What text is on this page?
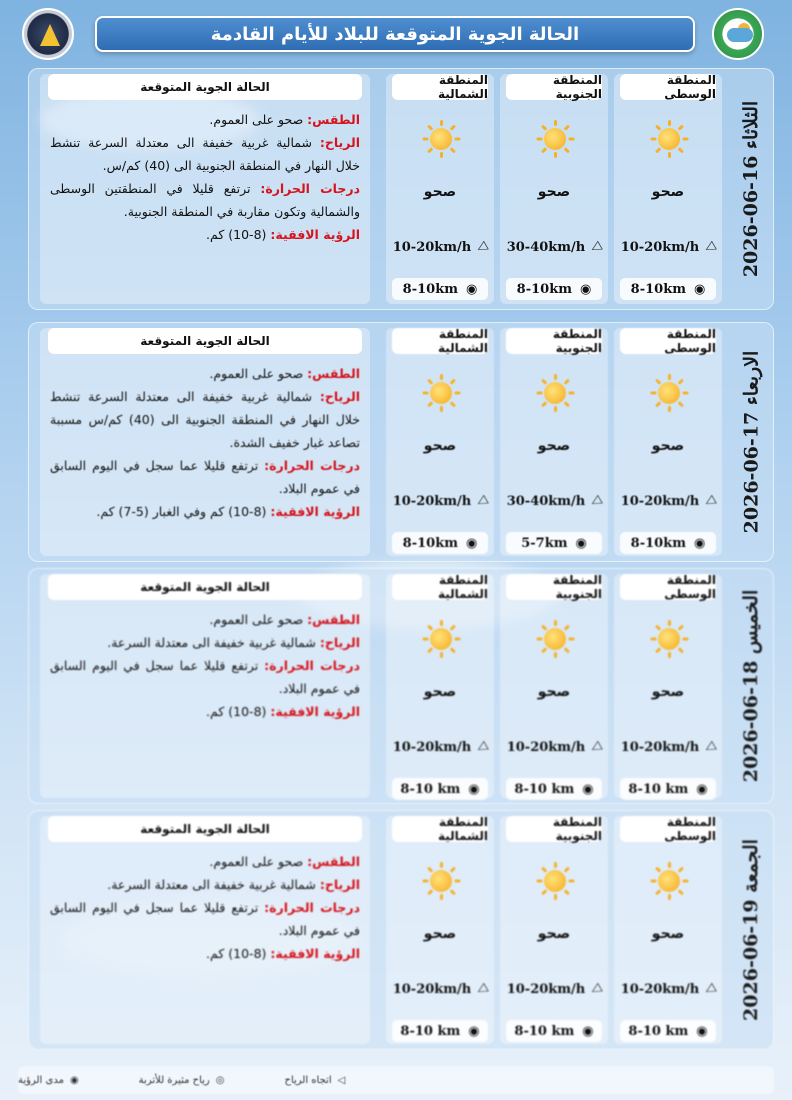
الحالة الجوية المتوقعة للبلاد للأيام القادمة
الثلاثاء 16-06-2026
المنطقة الوسطى
صحو
10-20km/h ◁
8-10km ◉
المنطقة الجنوبية
صحو
30-40km/h ◁
8-10km ◉
المنطقة الشمالية
صحو
10-20km/h ◁
8-10km ◉
الحالة الجوية المتوقعة

الطقس: صحو على العموم.

الرياح: شمالية غربية خفيفة الى معتدلة السرعة تنشط خلال النهار في المنطقة الجنوبية الى (40) كم/س.

درجات الحرارة: ترتفع قليلا في المنطقتين الوسطى والشمالية وتكون مقاربة في المنطقة الجنوبية.

الرؤية الافقية: (8-10) كم.

الاربعاء 17-06-2026
المنطقة الوسطى
صحو
10-20km/h ◁
8-10km ◉
المنطقة الجنوبية
صحو
30-40km/h ◁
5-7km ◉
المنطقة الشمالية
صحو
10-20km/h ◁
8-10km ◉
الحالة الجوية المتوقعة

الطقس: صحو على العموم.

الرياح: شمالية غربية خفيفة الى معتدلة السرعة تنشط خلال النهار في المنطقة الجنوبية الى (40) كم/س مسببة تصاعد غبار خفيف الشدة.

درجات الحرارة: ترتفع قليلا عما سجل في اليوم السابق في عموم البلاد.

الرؤية الافقية: (8-10) كم وفي الغبار (5-7) كم.

الخميس 18-06-2026
المنطقة الوسطى
صحو
10-20km/h ◁
8-10 km ◉
المنطقة الجنوبية
صحو
10-20km/h ◁
8-10 km ◉
المنطقة الشمالية
صحو
10-20km/h ◁
8-10 km ◉
الحالة الجوية المتوقعة

الطقس: صحو على العموم.

الرياح: شمالية غربية خفيفة الى معتدلة السرعة.

درجات الحرارة: ترتفع قليلا عما سجل في اليوم السابق في عموم البلاد.

الرؤية الافقية: (8-10) كم.

الجمعة 19-06-2026
المنطقة الوسطى
صحو
10-20km/h ◁
8-10 km ◉
المنطقة الجنوبية
صحو
10-20km/h ◁
8-10 km ◉
المنطقة الشمالية
صحو
10-20km/h ◁
8-10 km ◉
الحالة الجوية المتوقعة

الطقس: صحو على العموم.

الرياح: شمالية غربية خفيفة الى معتدلة السرعة.

درجات الحرارة: ترتفع قليلا عما سجل في اليوم السابق في عموم البلاد.

الرؤية الافقية: (8-10) كم.

◁
اتجاه الرياح
◎
رياح مثيرة للأتربة
◉
مدى الرؤية
